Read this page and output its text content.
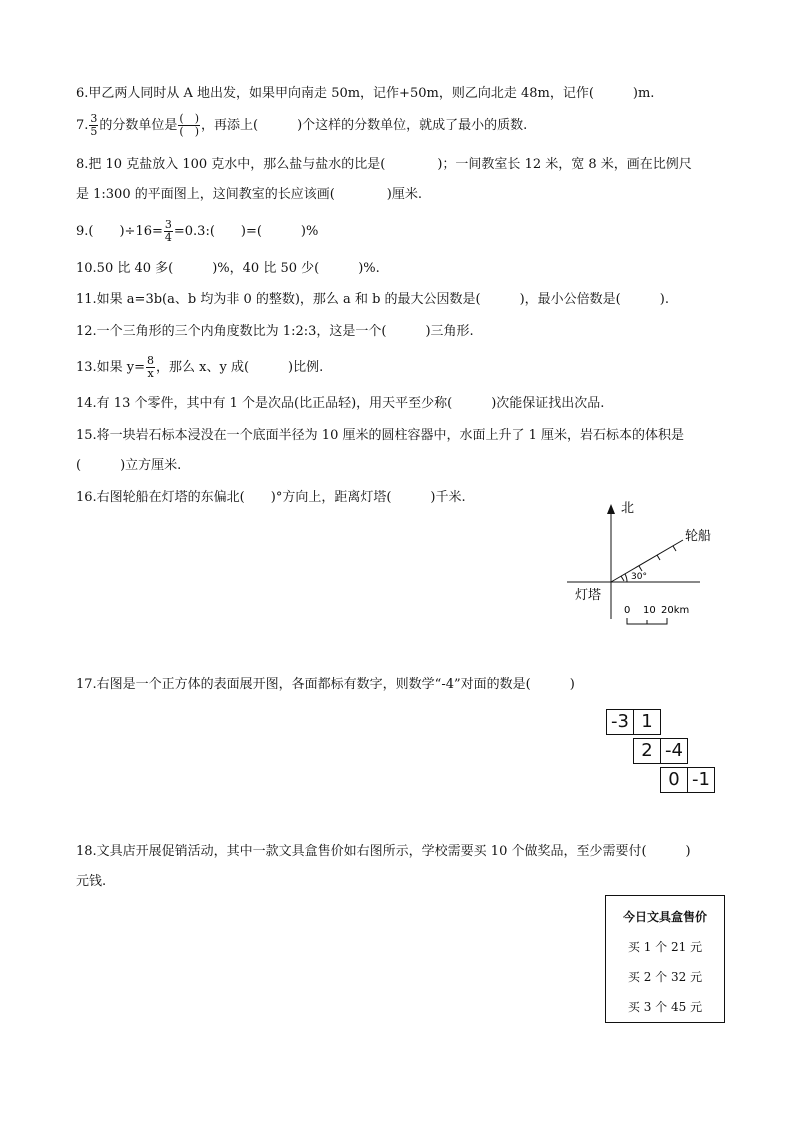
6.甲乙两人同时从 A 地出发，如果甲向南走 50m，记作+50m，则乙向北走 48m，记作(　　　)m.
7. $\frac{3}{5}$ 的分数单位是 $\frac{( )}{( )}$ ，再添上(　　　)个这样的分数单位，就成了最小的质数.
8.把 10 克盐放入 100 克水中，那么盐与盐水的比是(　　　　)；一间教室长 12 米，宽 8 米，画在比例尺
是 1:300 的平面图上，这间教室的长应该画(　　　　)厘米.
9.(　　)$\div 16= \frac{3}{4}$ =0.3:(　　)=(　　　)%
10.50 比 40 多(　　　)%，40 比 50 少(　　　)%.
11.如果 a=3b(a、b 均为非 0 的整数)，那么 a 和 b 的最大公因数是(　　　)，最小公倍数是(　　　).
12.一个三角形的三个内角度数比为 1:2:3，这是一个(　　　)三角形.
13.如果 $y= \frac{8}{x}$ ，那么 x、y 成(　　　)比例.
14.有 13 个零件，其中有 1 个是次品(比正品轻)，用天平至少称(　　　)次能保证找出次品.
15.将一块岩石标本浸没在一个底面半径为 10 厘米的圆柱容器中，水面上升了 1 厘米，岩石标本的体积是
(　　　)立方厘米.
16.右图轮船在灯塔的东偏北(　　)°方向上，距离灯塔(　　　)千米.
北
轮船
30°
灯塔
0 10 20km
17.右图是一个正方体的表面展开图，各面都标有数字，则数学“-4”对面的数是(　　　)
-3 1
2 -4
0 -1
18.文具店开展促销活动，其中一款文具盒售价如右图所示，学校需要买 10 个做奖品，至少需要付(　　　)
元钱.
今日文具盒售价
买 1 个 21 元
买 2 个 32 元
买 3 个 45 元
